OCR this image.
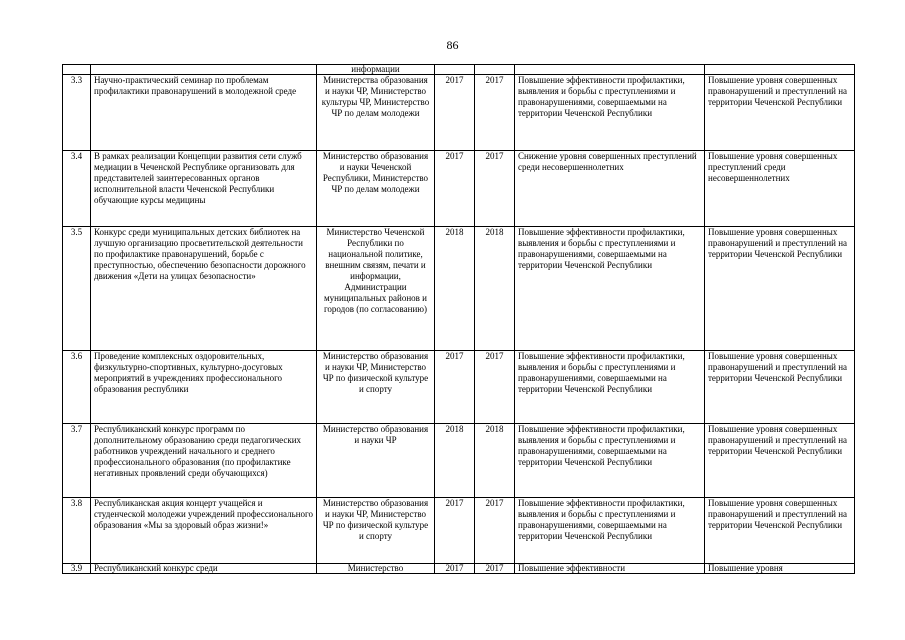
86
		информации				
3.3	Научно-практический семинар по проблемам профилактики правонарушений в молодежной среде	Министерства образования и науки ЧР, Министерство культуры ЧР, Министерство ЧР по делам молодежи	2017	2017	Повышение эффективности профилактики, выявления и борьбы с преступлениями и правонарушениями, совершаемыми на территории Чеченской Республики	Повышение уровня совершенных правонарушений и преступлений на территории Чеченской Республики
3.4	В рамках реализации Концепции развития сети служб медиации в Чеченской Республике организовать для представителей заинтересованных органов исполнительной власти Чеченской Республики обучающие курсы медицины	Министерство образования и науки Чеченской Республики, Министерство ЧР по делам молодежи	2017	2017	Снижение уровня совершенных преступлений среди несовершеннолетних	Повышение уровня совершенных преступлений среди несовершеннолетних
3.5	Конкурс среди муниципальных детских библиотек на лучшую организацию просветительской деятельности по профилактике правонарушений, борьбе с преступностью, обеспечению безопасности дорожного движения «Дети на улицах безопасности»	Министерство Чеченской Республики по национальной политике, внешним связям, печати и информации, Администрации муниципальных районов и городов (по согласованию)	2018	2018	Повышение эффективности профилактики, выявления и борьбы с преступлениями и правонарушениями, совершаемыми на территории Чеченской Республики	Повышение уровня совершенных правонарушений и преступлений на территории Чеченской Республики
3.6	Проведение комплексных оздоровительных, физкультурно-спортивных, культурно-досуговых мероприятий в учреждениях профессионального образования республики	Министерство образования и науки ЧР, Министерство ЧР по физической культуре и спорту	2017	2017	Повышение эффективности профилактики, выявления и борьбы с преступлениями и правонарушениями, совершаемыми на территории Чеченской Республики	Повышение уровня совершенных правонарушений и преступлений на территории Чеченской Республики
3.7	Республиканский конкурс программ по дополнительному образованию среди педагогических работников учреждений начального и среднего профессионального образования (по профилактике негативных проявлений среди обучающихся)	Министерство образования и науки ЧР	2018	2018	Повышение эффективности профилактики, выявления и борьбы с преступлениями и правонарушениями, совершаемыми на территории Чеченской Республики	Повышение уровня совершенных правонарушений и преступлений на территории Чеченской Республики
3.8	Республиканская акция концерт учащейся и студенческой молодежи учреждений профессионального образования «Мы за здоровый образ жизни!»	Министерство образования и науки ЧР, Министерство ЧР по физической культуре и спорту	2017	2017	Повышение эффективности профилактики, выявления и борьбы с преступлениями и правонарушениями, совершаемыми на территории Чеченской Республики	Повышение уровня совершенных правонарушений и преступлений на территории Чеченской Республики
3.9	Республиканский конкурс среди	Министерство	2017	2017	Повышение эффективности	Повышение уровня
